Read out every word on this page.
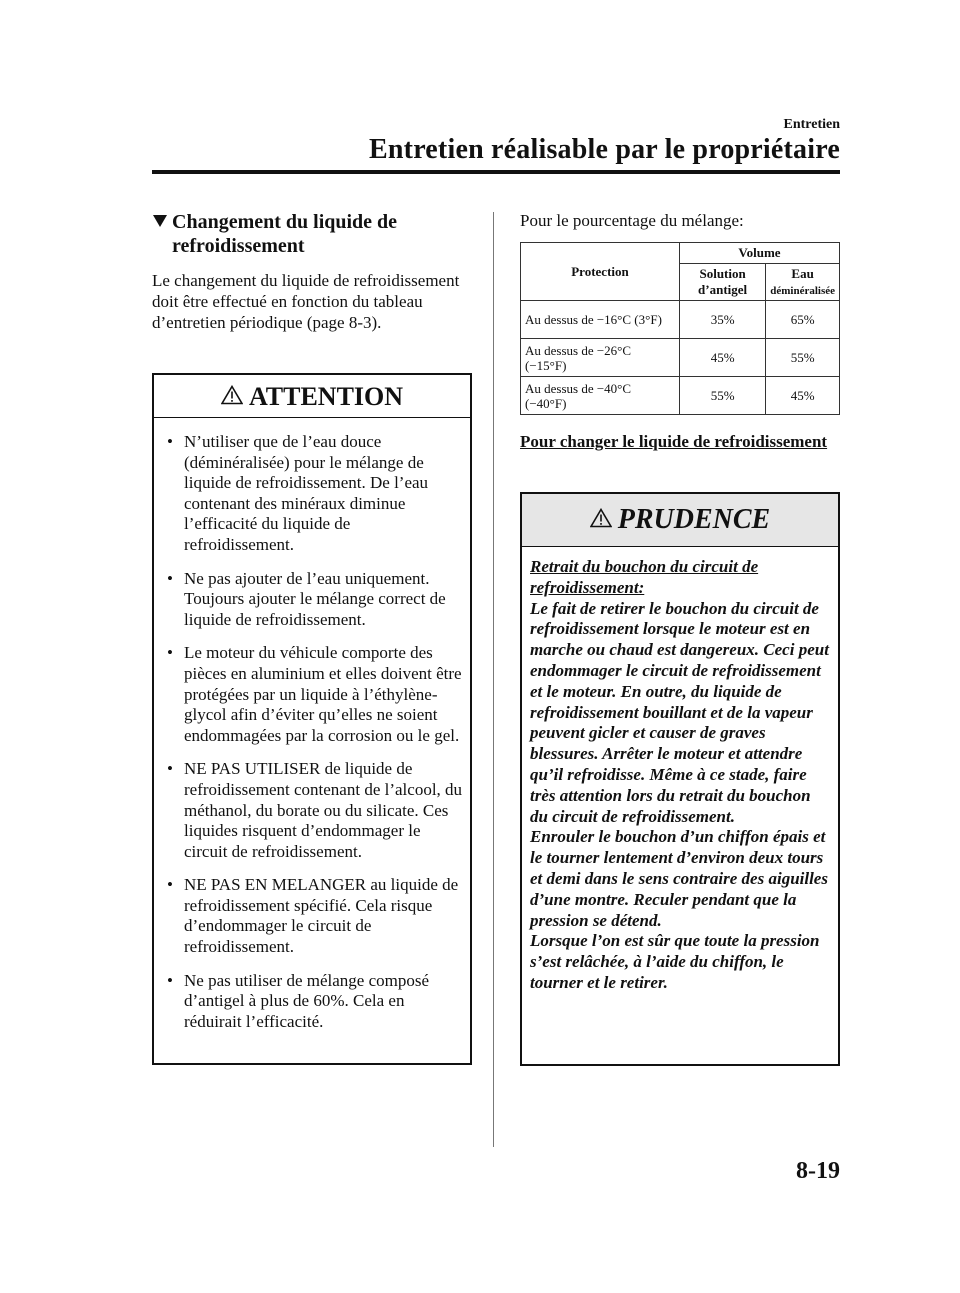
Entretien
Entretien réalisable par le propriétaire
Changement du liquide de
refroidissement
Le changement du liquide de refroidissement doit être effectué en fonction du tableau d’entretien périodique (page 8-3).
ATTENTION
• N’utiliser que de l’eau douce (déminéralisée) pour le mélange de liquide de refroidissement. De l’eau contenant des minéraux diminue l’efficacité du liquide de refroidissement.
• Ne pas ajouter de l’eau uniquement. Toujours ajouter le mélange correct de liquide de refroidissement.
• Le moteur du véhicule comporte des pièces en aluminium et elles doivent être protégées par un liquide à l’éthylène-glycol afin d’éviter qu’elles ne soient endommagées par la corrosion ou le gel.
• NE PAS UTILISER de liquide de refroidissement contenant de l’alcool, du méthanol, du borate ou du silicate. Ces liquides risquent d’endommager le circuit de refroidissement.
• NE PAS EN MELANGER au liquide de refroidissement spécifié. Cela risque d’endommager le circuit de refroidissement.
• Ne pas utiliser de mélange composé d’antigel à plus de 60%. Cela en réduirait l’efficacité.
Pour le pourcentage du mélange:
Protection	Volume	
	Solution d’antigel	Eau
déminéralisée
Au dessus de −16°C (3°F)	35%	65%
Au dessus de −26°C (−15°F)	45%	55%
Au dessus de −40°C (−40°F)	55%	45%
Pour changer le liquide de refroidissement
PRUDENCE
Retrait du bouchon du circuit de refroidissement:
Le fait de retirer le bouchon du circuit de refroidissement lorsque le moteur est en marche ou chaud est dangereux. Ceci peut endommager le circuit de refroidissement et le moteur. En outre, du liquide de refroidissement bouillant et de la vapeur peuvent gicler et causer de graves blessures. Arrêter le moteur et attendre qu’il refroidisse. Même à ce stade, faire très attention lors du retrait du bouchon du circuit de refroidissement.
Enrouler le bouchon d’un chiffon épais et le tourner lentement d’environ deux tours et demi dans le sens contraire des aiguilles d’une montre. Reculer pendant que la pression se détend.
Lorsque l’on est sûr que toute la pression s’est relâchée, à l’aide du chiffon, le tourner et le retirer.
8-19
